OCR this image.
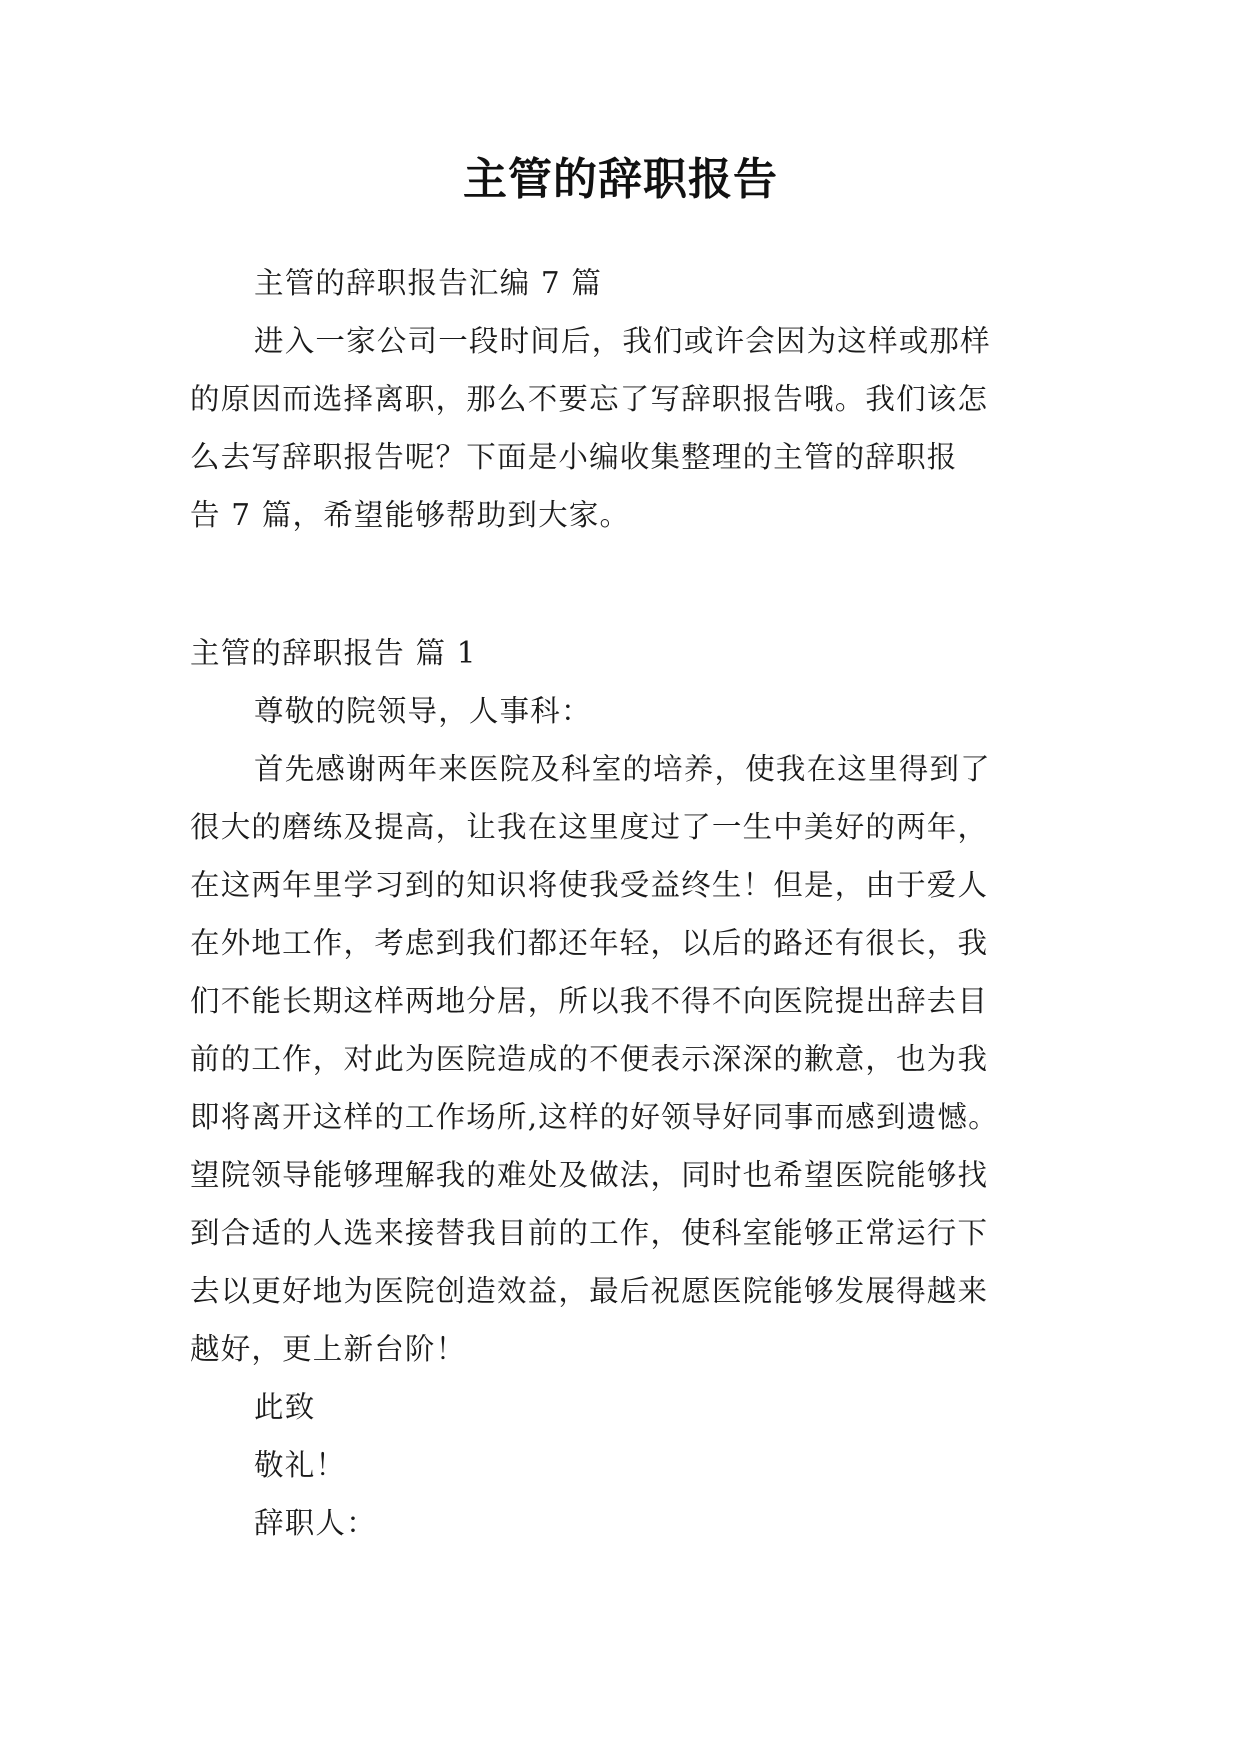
主管的辞职报告
主管的辞职报告汇编 7 篇
进入一家公司一段时间后，我们或许会因为这样或那样
的原因而选择离职，那么不要忘了写辞职报告哦。我们该怎
么去写辞职报告呢？下面是小编收集整理的主管的辞职报
告 7 篇，希望能够帮助到大家。
主管的辞职报告 篇 1
尊敬的院领导，人事科：
首先感谢两年来医院及科室的培养，使我在这里得到了
很大的磨练及提高，让我在这里度过了一生中美好的两年，
在这两年里学习到的知识将使我受益终生！但是，由于爱人
在外地工作，考虑到我们都还年轻，以后的路还有很长，我
们不能长期这样两地分居，所以我不得不向医院提出辞去目
前的工作，对此为医院造成的不便表示深深的歉意，也为我
即将离开这样的工作场所,这样的好领导好同事而感到遗憾。
望院领导能够理解我的难处及做法，同时也希望医院能够找
到合适的人选来接替我目前的工作，使科室能够正常运行下
去以更好地为医院创造效益，最后祝愿医院能够发展得越来
越好，更上新台阶！
此致
敬礼！
辞职人：
